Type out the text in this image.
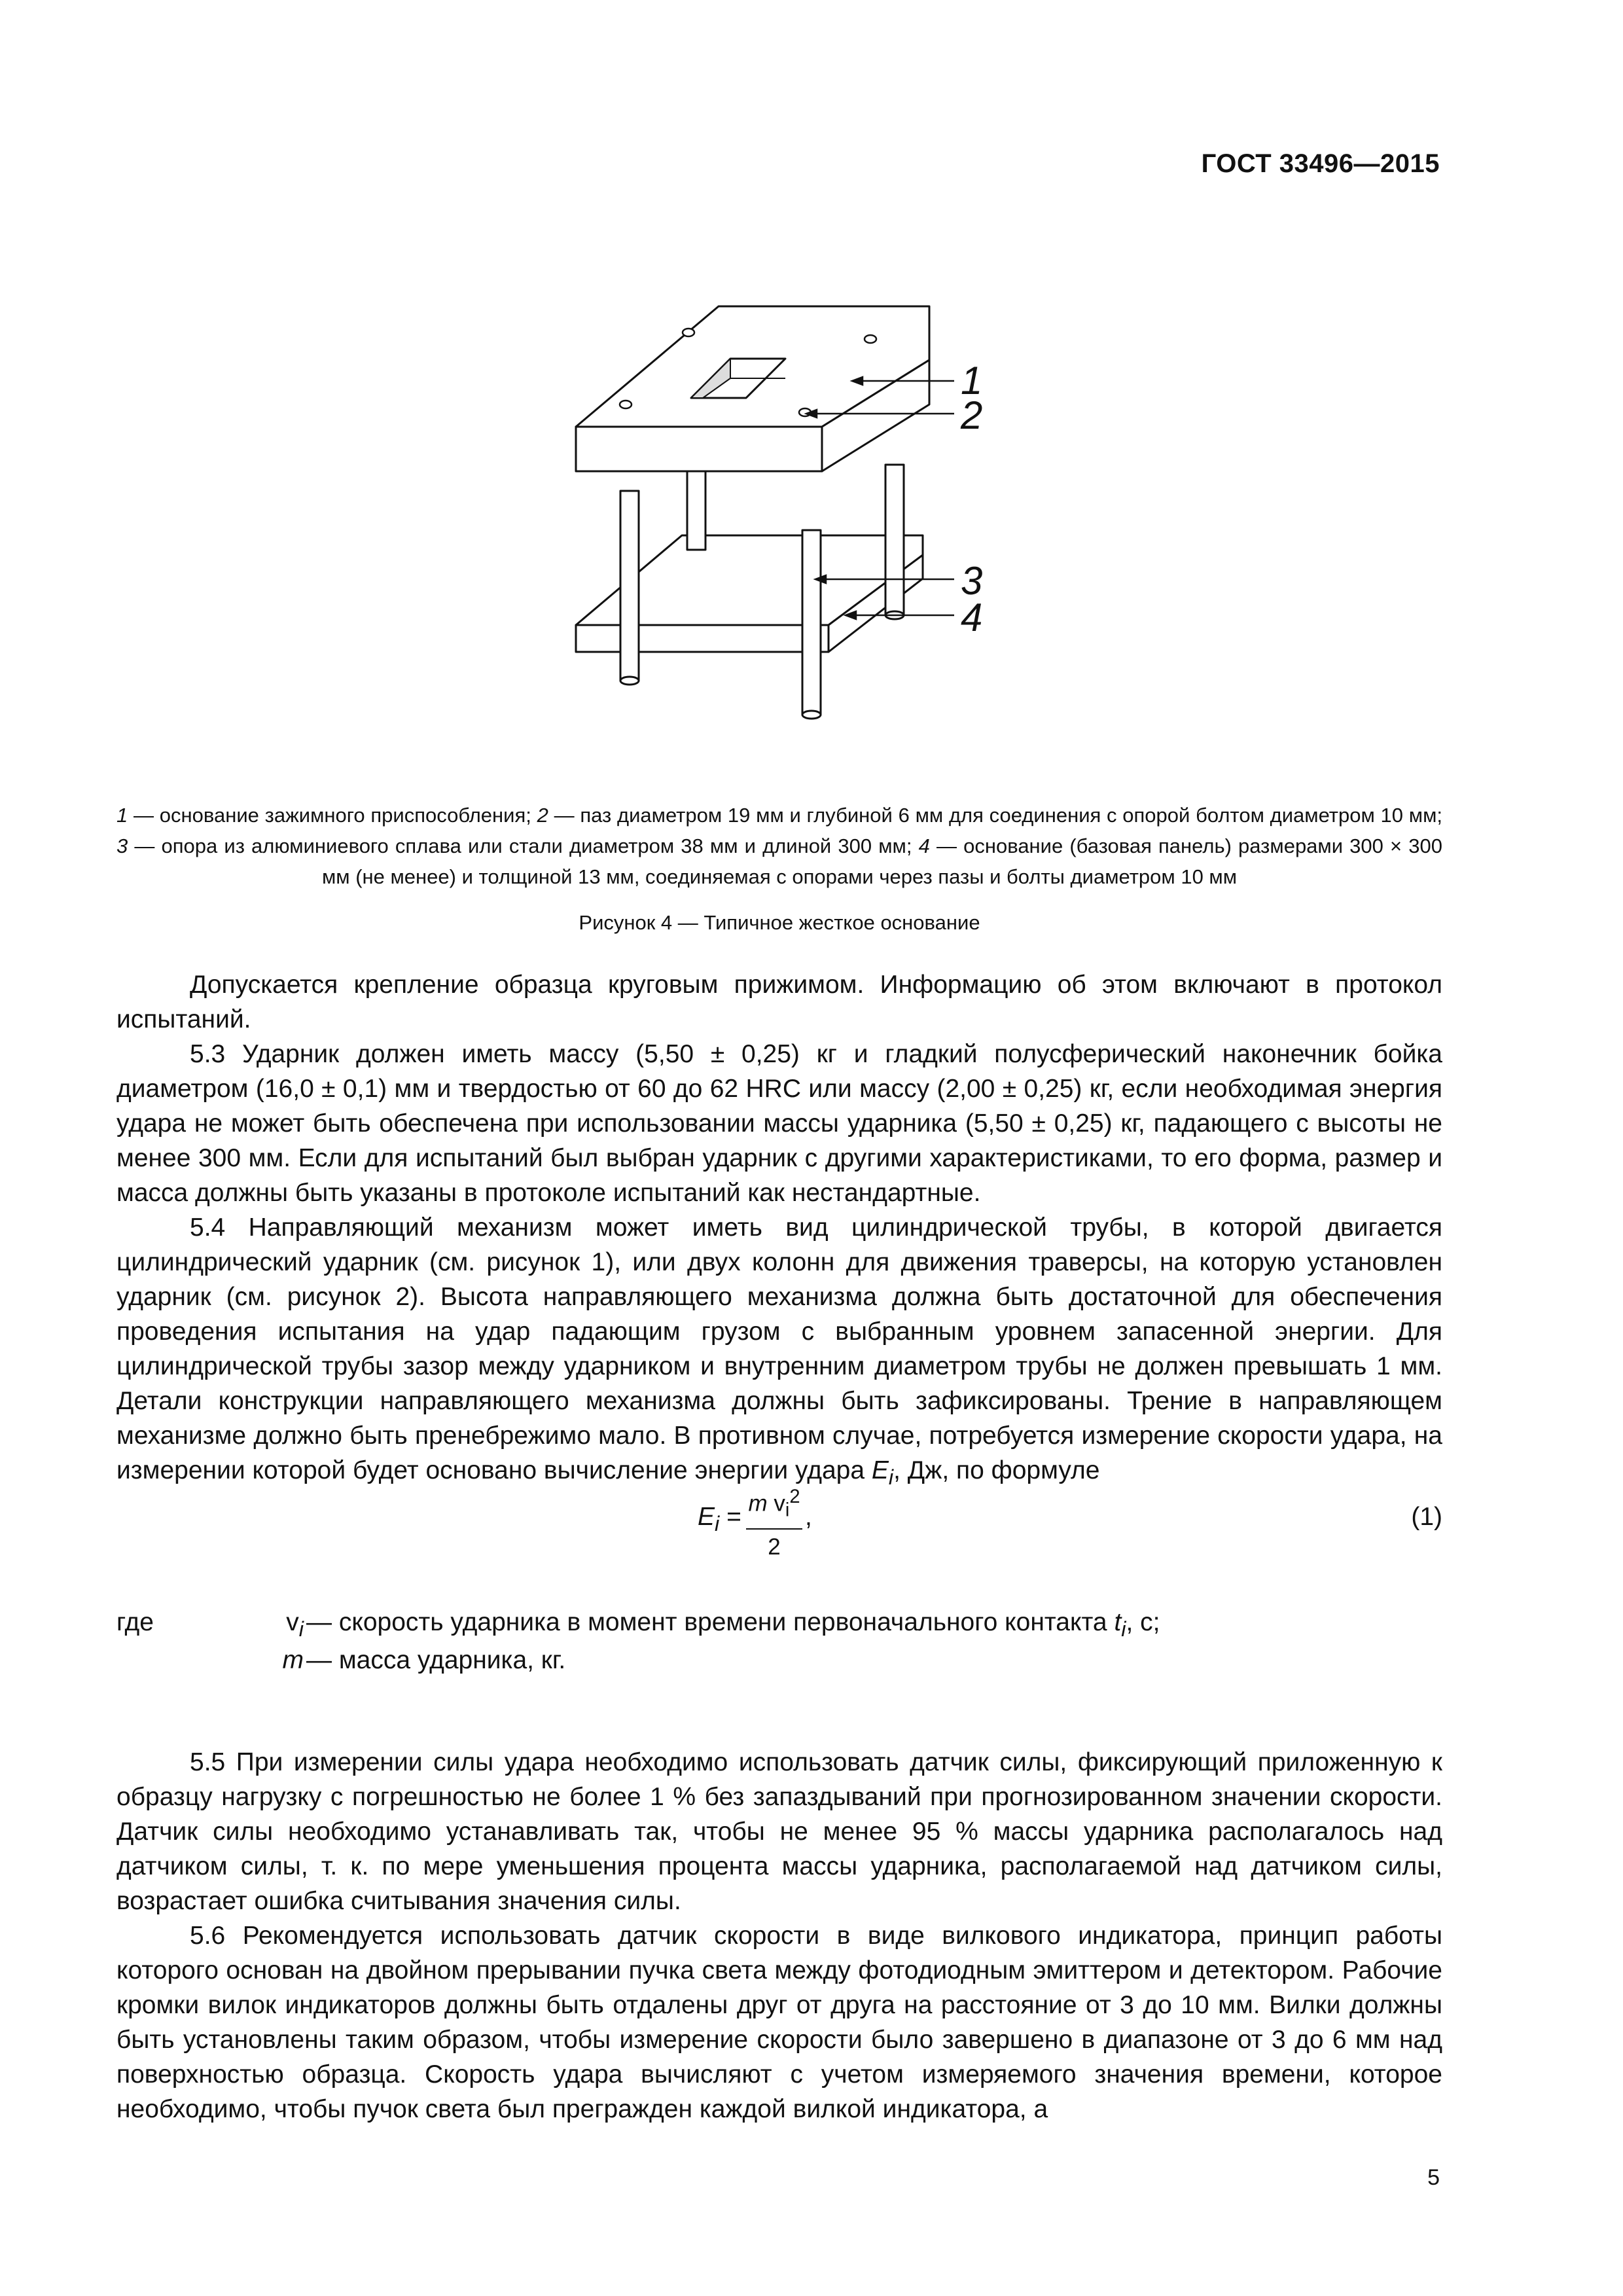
ГОСТ 33496—2015
1
2
3
4
1 — основание зажимного приспособления; 2 — паз диаметром 19 мм и глубиной 6 мм для соединения с опорой болтом диаметром 10 мм; 3 — опора из алюминиевого сплава или стали диаметром 38 мм и длиной 300 мм; 4 — основание (базовая панель) размерами 300 × 300 мм (не менее) и толщиной 13 мм, соединяемая с опорами через пазы и болты диаметром 10 мм
Рисунок 4 — Типичное жесткое основание

Допускается крепление образца круговым прижимом. Информацию об этом включают в протокол испытаний.

5.3 Ударник должен иметь массу (5,50 ± 0,25) кг и гладкий полусферический наконечник бойка диаметром (16,0 ± 0,1) мм и твердостью от 60 до 62 HRC или массу (2,00 ± 0,25) кг, если необходимая энергия удара не может быть обеспечена при использовании массы ударника (5,50 ± 0,25) кг, падающего с высоты не менее 300 мм. Если для испытаний был выбран ударник с другими характеристиками, то его форма, размер и масса должны быть указаны в протоколе испытаний как нестандартные.

5.4 Направляющий механизм может иметь вид цилиндрической трубы, в которой двигается цилиндрический ударник (см. рисунок 1), или двух колонн для движения траверсы, на которую установлен ударник (см. рисунок 2). Высота направляющего механизма должна быть достаточной для обеспечения проведения испытания на удар падающим грузом с выбранным уровнем запасенной энергии. Для цилиндрической трубы зазор между ударником и внутренним диаметром трубы не должен превышать 1 мм. Детали конструкции направляющего механизма должны быть зафиксированы. Трение в направляющем механизме должно быть пренебрежимо мало. В противном случае, потребуется измерение скорости удара, на измерении которой будет основано вычисление энергии удара $E_i$, Дж, по формуле

$E_i = m$ $v_i^2$
2
,	(1)
где	$v_i$ — скорость ударника в момент времени первоначального контакта $t_i$, с;
m — масса ударника, кг.

5.5 При измерении силы удара необходимо использовать датчик силы, фиксирующий приложенную к образцу нагрузку с погрешностью не более 1 % без запаздываний при прогнозированном значении скорости. Датчик силы необходимо устанавливать так, чтобы не менее 95 % массы ударника располагалось над датчиком силы, т. к. по мере уменьшения процента массы ударника, располагаемой над датчиком силы, возрастает ошибка считывания значения силы.

5.6 Рекомендуется использовать датчик скорости в виде вилкового индикатора, принцип работы которого основан на двойном прерывании пучка света между фотодиодным эмиттером и детектором. Рабочие кромки вилок индикаторов должны быть отдалены друг от друга на расстояние от 3 до 10 мм. Вилки должны быть установлены таким образом, чтобы измерение скорости было завершено в диапазоне от 3 до 6 мм над поверхностью образца. Скорость удара вычисляют с учетом измеряемого значения времени, которое необходимо, чтобы пучок света был прегражден каждой вилкой индикатора, а

5
